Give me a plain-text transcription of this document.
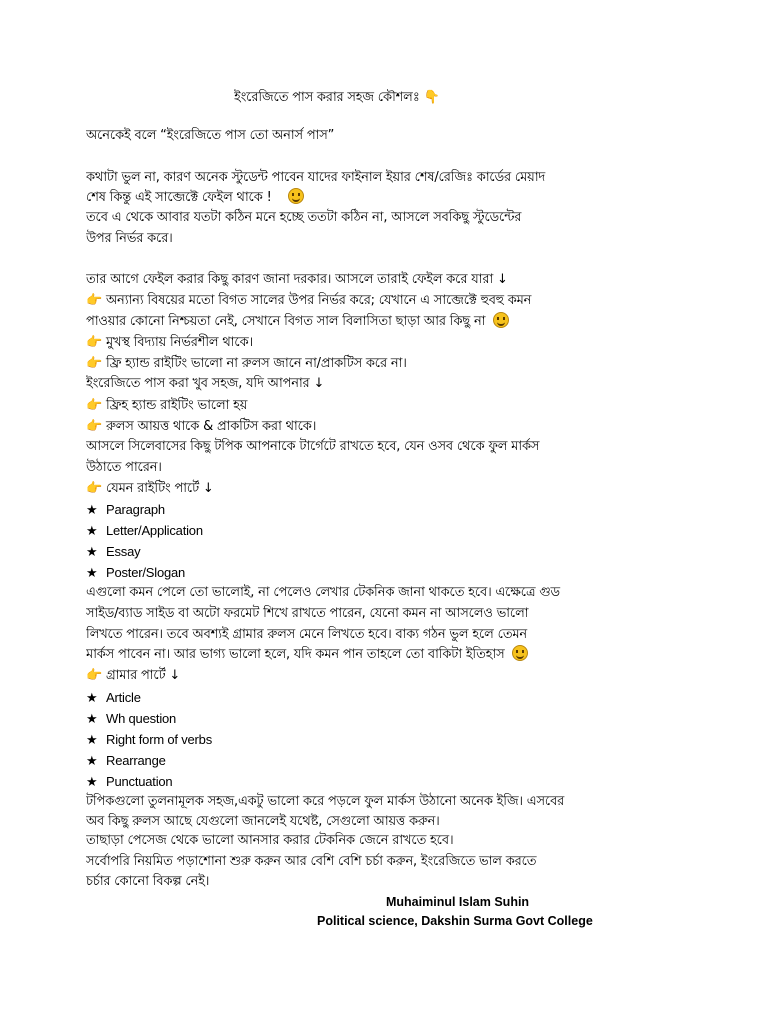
ইংরেজিতে পাস করার সহজ কৌশলঃ 👇
অনেকেই বলে “ইংরেজিতে পাস তো অনার্স পাস”
কথাটা ভুল না, কারণ অনেক স্টুডেন্ট পাবেন যাদের ফাইনাল ইয়ার শেষ/রেজিঃ কার্ডের মেয়াদ
শেষ কিন্তু এই সাব্জেক্টে ফেইল থাকে !
তবে এ থেকে আবার যতটা কঠিন মনে হচ্ছে ততটা কঠিন না, আসলে সবকিছু স্টুডেন্টের
উপর নির্ভর করে।
তার আগে ফেইল করার কিছু কারণ জানা দরকার। আসলে তারাই ফেইল করে যারা ↓
👉 অন্যান্য বিষয়ের মতো বিগত সালের উপর নির্ভর করে; যেখানে এ সাব্জেক্টে হুবহু কমন
পাওয়ার কোনো নিশ্চয়তা নেই, সেখানে বিগত সাল বিলাসিতা ছাড়া আর কিছু না
👉 মুখস্থ বিদ্যায় নির্ভরশীল থাকে।
👉 ফ্রি হ্যান্ড রাইটিং ভালো না রুলস জানে না/প্রাকটিস করে না।
ইংরেজিতে পাস করা খুব সহজ, যদি আপনার ↓
👉 ফ্রিহ হ্যান্ড রাইটিং ভালো হয়
👉 রুলস আয়ত্ত থাকে & প্রাকটিস করা থাকে।
আসলে সিলেবাসের কিছু টপিক আপনাকে টার্গেটে রাখতে হবে, যেন ওসব থেকে ফুল মার্কস
উঠাতে পারেন।
👉 যেমন রাইটিং পার্টে ↓
★ Paragraph
★ Letter/Application
★ Essay
★ Poster/Slogan
এগুলো কমন পেলে তো ভালোই, না পেলেও লেখার টেকনিক জানা থাকতে হবে। এক্ষেত্রে গুড
সাইড/ব্যাড সাইড বা অটো ফরমেট শিখে রাখতে পারেন, যেনো কমন না আসলেও ভালো
লিখতে পারেন। তবে অবশ্যই গ্রামার রুলস মেনে লিখতে হবে। বাক্য গঠন ভুল হলে তেমন
মার্কস পাবেন না। আর ভাগ্য ভালো হলে, যদি কমন পান তাহলে তো বাকিটা ইতিহাস
👉 গ্রামার পার্টে ↓
★ Article
★ Wh question
★ Right form of verbs
★ Rearrange
★ Punctuation
টপিকগুলো তুলনামূলক সহজ,একটু ভালো করে পড়লে ফুল মার্কস উঠানো অনেক ইজি। এসবের
অব কিছু রুলস আছে যেগুলো জানলেই যথেষ্ট, সেগুলো আয়ত্ত করুন।
তাছাড়া পেসেজ থেকে ভালো আনসার করার টেকনিক জেনে রাখতে হবে।
সর্বোপরি নিয়মিত পড়াশোনা শুরু করুন আর বেশি বেশি চর্চা করুন, ইংরেজিতে ভাল করতে
চর্চার কোনো বিকল্প নেই।
Muhaiminul Islam Suhin
Political science, Dakshin Surma Govt College
